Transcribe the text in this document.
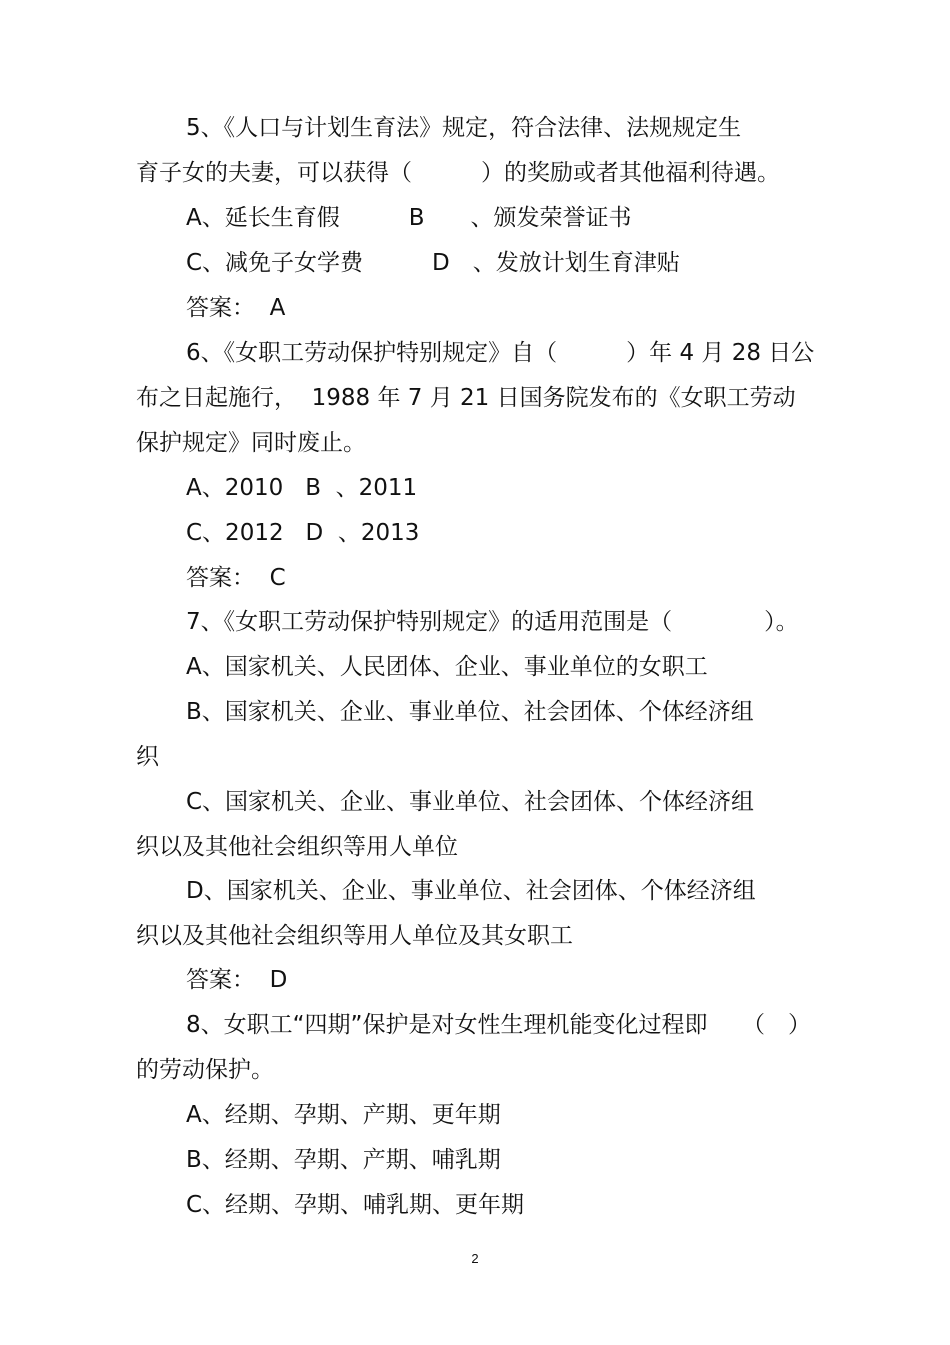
5、《人口与计划生育法》规定，符合法律、法规规定生
育子女的夫妻，可以获得（　　　）的奖励或者其他福利待遇。
A、延长生育假　　　B　　、颁发荣誉证书
C、减免子女学费　　　D　、发放计划生育津贴
答案：  A
6、《女职工劳动保护特别规定》自（　　　）年 4 月 28 日公
布之日起施行，  1988 年 7 月 21 日国务院发布的《女职工劳动
保护规定》同时废止。
A、2010   B  、2011
C、2012   D  、2013
答案：  C
7、《女职工劳动保护特别规定》的适用范围是（　　　　）。
A、国家机关、人民团体、企业、事业单位的女职工
B、国家机关、企业、事业单位、社会团体、个体经济组
织
C、国家机关、企业、事业单位、社会团体、个体经济组
织以及其他社会组织等用人单位
D、国家机关、企业、事业单位、社会团体、个体经济组
织以及其他社会组织等用人单位及其女职工
答案：  D
8、女职工“四期”保护是对女性生理机能变化过程即　　（　）
的劳动保护。
A、经期、孕期、产期、更年期
B、经期、孕期、产期、哺乳期
C、经期、孕期、哺乳期、更年期
2
